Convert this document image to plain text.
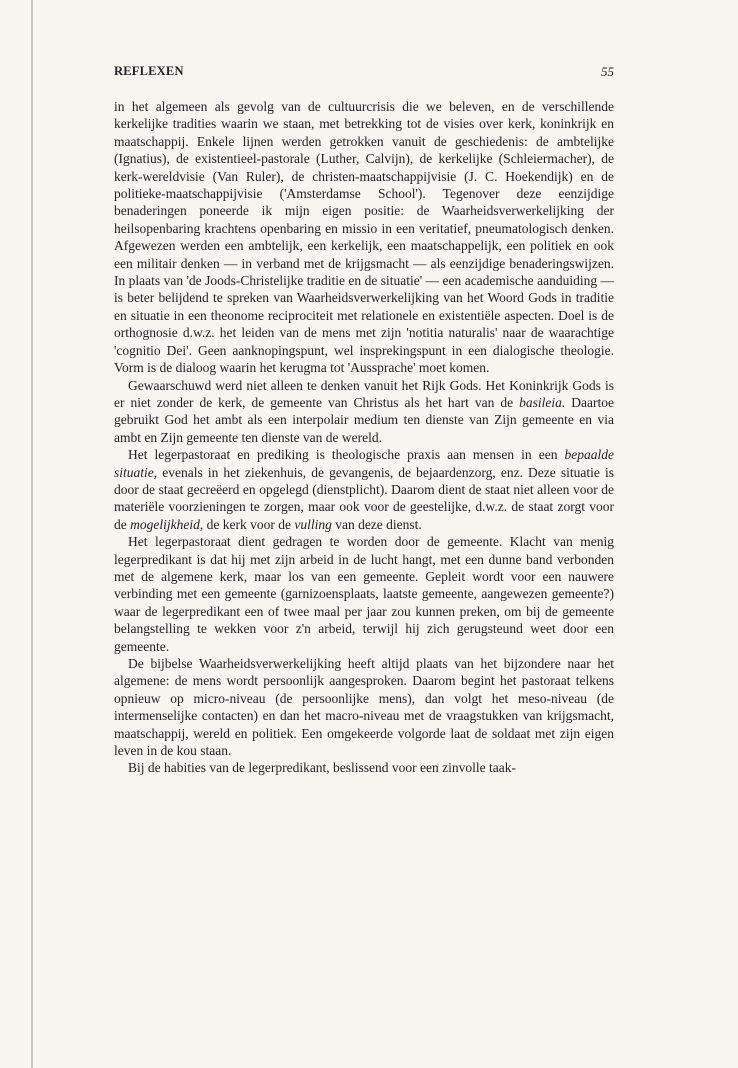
REFLEXEN	55

in het algemeen als gevolg van de cultuurcrisis die we beleven, en de verschillende kerkelijke tradities waarin we staan, met betrekking tot de visies over kerk, koninkrijk en maatschappij. Enkele lijnen werden getrokken vanuit de geschiedenis: de ambtelijke (Ignatius), de existentieel-pastorale (Luther, Calvijn), de kerkelijke (Schleiermacher), de kerk-wereldvisie (Van Ruler), de christen-maatschappijvisie (J. C. Hoekendijk) en de politieke-maatschappijvisie ('Amsterdamse School'). Tegenover deze eenzijdige benaderingen poneerde ik mijn eigen positie: de Waarheidsverwerkelijking der heilsopenbaring krachtens openbaring en missio in een veritatief, pneumatologisch denken. Afgewezen werden een ambtelijk, een kerkelijk, een maatschappelijk, een politiek en ook een militair denken — in verband met de krijgsmacht — als eenzijdige benaderingswijzen. In plaats van 'de Joods-Christelijke traditie en de situatie' — een academische aanduiding — is beter belijdend te spreken van Waarheidsverwerkelijking van het Woord Gods in traditie en situatie in een theonome reciprociteit met relationele en existentiële aspecten. Doel is de orthognosie d.w.z. het leiden van de mens met zijn 'notitia naturalis' naar de waarachtige 'cognitio Dei'. Geen aanknopingspunt, wel insprekingspunt in een dialogische theologie. Vorm is de dialoog waarin het kerugma tot 'Aussprache' moet komen.

Gewaarschuwd werd niet alleen te denken vanuit het Rijk Gods. Het Koninkrijk Gods is er niet zonder de kerk, de gemeente van Christus als het hart van de basileia. Daartoe gebruikt God het ambt als een interpolair medium ten dienste van Zijn gemeente en via ambt en Zijn gemeente ten dienste van de wereld.

Het legerpastoraat en prediking is theologische praxis aan mensen in een bepaalde situatie, evenals in het ziekenhuis, de gevangenis, de bejaardenzorg, enz. Deze situatie is door de staat gecreëerd en opgelegd (dienstplicht). Daarom dient de staat niet alleen voor de materiële voorzieningen te zorgen, maar ook voor de geestelijke, d.w.z. de staat zorgt voor de mogelijkheid, de kerk voor de vulling van deze dienst.

Het legerpastoraat dient gedragen te worden door de gemeente. Klacht van menig legerpredikant is dat hij met zijn arbeid in de lucht hangt, met een dunne band verbonden met de algemene kerk, maar los van een gemeente. Gepleit wordt voor een nauwere verbinding met een gemeente (garnizoensplaats, laatste gemeente, aangewezen gemeente?) waar de legerpredikant een of twee maal per jaar zou kunnen preken, om bij de gemeente belangstelling te wekken voor z'n arbeid, terwijl hij zich gerugsteund weet door een gemeente.

De bijbelse Waarheidsverwerkelijking heeft altijd plaats van het bijzondere naar het algemene: de mens wordt persoonlijk aangesproken. Daarom begint het pastoraat telkens opnieuw op micro-niveau (de persoonlijke mens), dan volgt het meso-niveau (de intermenselijke contacten) en dan het macro-niveau met de vraagstukken van krijgsmacht, maatschappij, wereld en politiek. Een omgekeerde volgorde laat de soldaat met zijn eigen leven in de kou staan.

Bij de habities van de legerpredikant, beslissend voor een zinvolle taak-
